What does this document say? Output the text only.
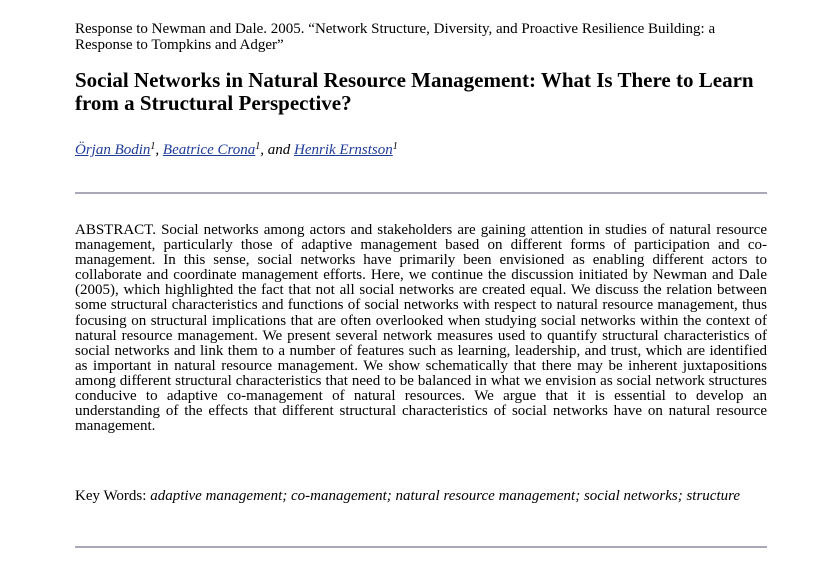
Response to Newman and Dale. 2005. “Network Structure, Diversity, and Proactive Resilience Building: a Response to Tompkins and Adger”

Social Networks in Natural Resource Management: What Is There to Learn from a Structural Perspective?

Örjan Bodin$^1$, Beatrice Crona$^1$, and Henrik Ernstson$^1$

ABSTRACT. Social networks among actors and stakeholders are gaining attention in studies of natural resource management, particularly those of adaptive management based on different forms of participation and co-management. In this sense, social networks have primarily been envisioned as enabling different actors to collaborate and coordinate management efforts. Here, we continue the discussion initiated by Newman and Dale (2005), which highlighted the fact that not all social networks are created equal. We discuss the relation between some structural characteristics and functions of social networks with respect to natural resource management, thus focusing on structural implications that are often overlooked when studying social networks within the context of natural resource management. We present several network measures used to quantify structural characteristics of social networks and link them to a number of features such as learning, leadership, and trust, which are identified as important in natural resource management. We show schematically that there may be inherent juxtapositions among different structural characteristics that need to be balanced in what we envision as social network structures conducive to adaptive co-management of natural resources. We argue that it is essential to develop an understanding of the effects that different structural characteristics of social networks have on natural resource management.

Key Words: adaptive management; co-management; natural resource management; social networks; structure
